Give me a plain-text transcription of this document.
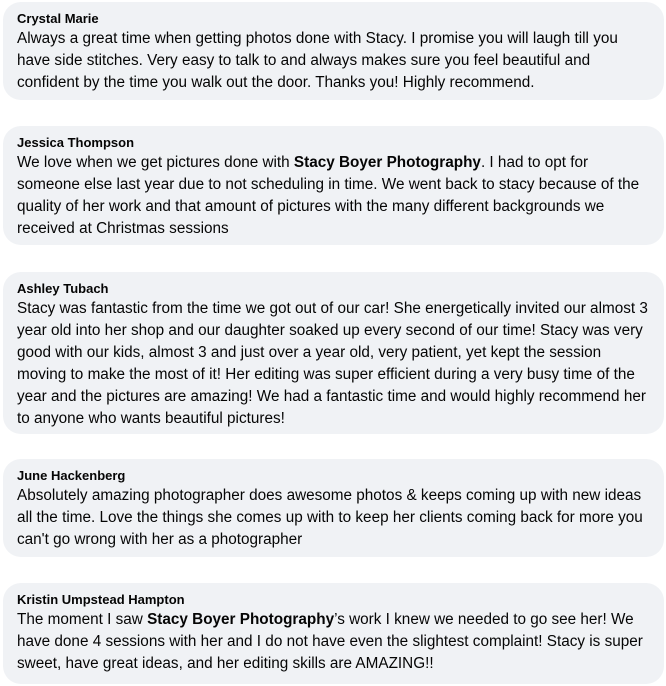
Crystal Marie
Always a great time when getting photos done with Stacy. I promise you will laugh till you have side stitches. Very easy to talk to and always makes sure you feel beautiful and confident by the time you walk out the door. Thanks you! Highly recommend.
Jessica Thompson
We love when we get pictures done with Stacy Boyer Photography. I had to opt for someone else last year due to not scheduling in time. We went back to stacy because of the quality of her work and that amount of pictures with the many different backgrounds we received at Christmas sessions
Ashley Tubach
Stacy was fantastic from the time we got out of our car! She energetically invited our almost 3 year old into her shop and our daughter soaked up every second of our time! Stacy was very good with our kids, almost 3 and just over a year old, very patient, yet kept the session moving to make the most of it! Her editing was super efficient during a very busy time of the year and the pictures are amazing! We had a fantastic time and would highly recommend her to anyone who wants beautiful pictures!
June Hackenberg
Absolutely amazing photographer does awesome photos & keeps coming up with new ideas all the time. Love the things she comes up with to keep her clients coming back for more you can't go wrong with her as a photographer
Kristin Umpstead Hampton
The moment I saw Stacy Boyer Photography’s work I knew we needed to go see her! We have done 4 sessions with her and I do not have even the slightest complaint! Stacy is super sweet, have great ideas, and her editing skills are AMAZING!!
